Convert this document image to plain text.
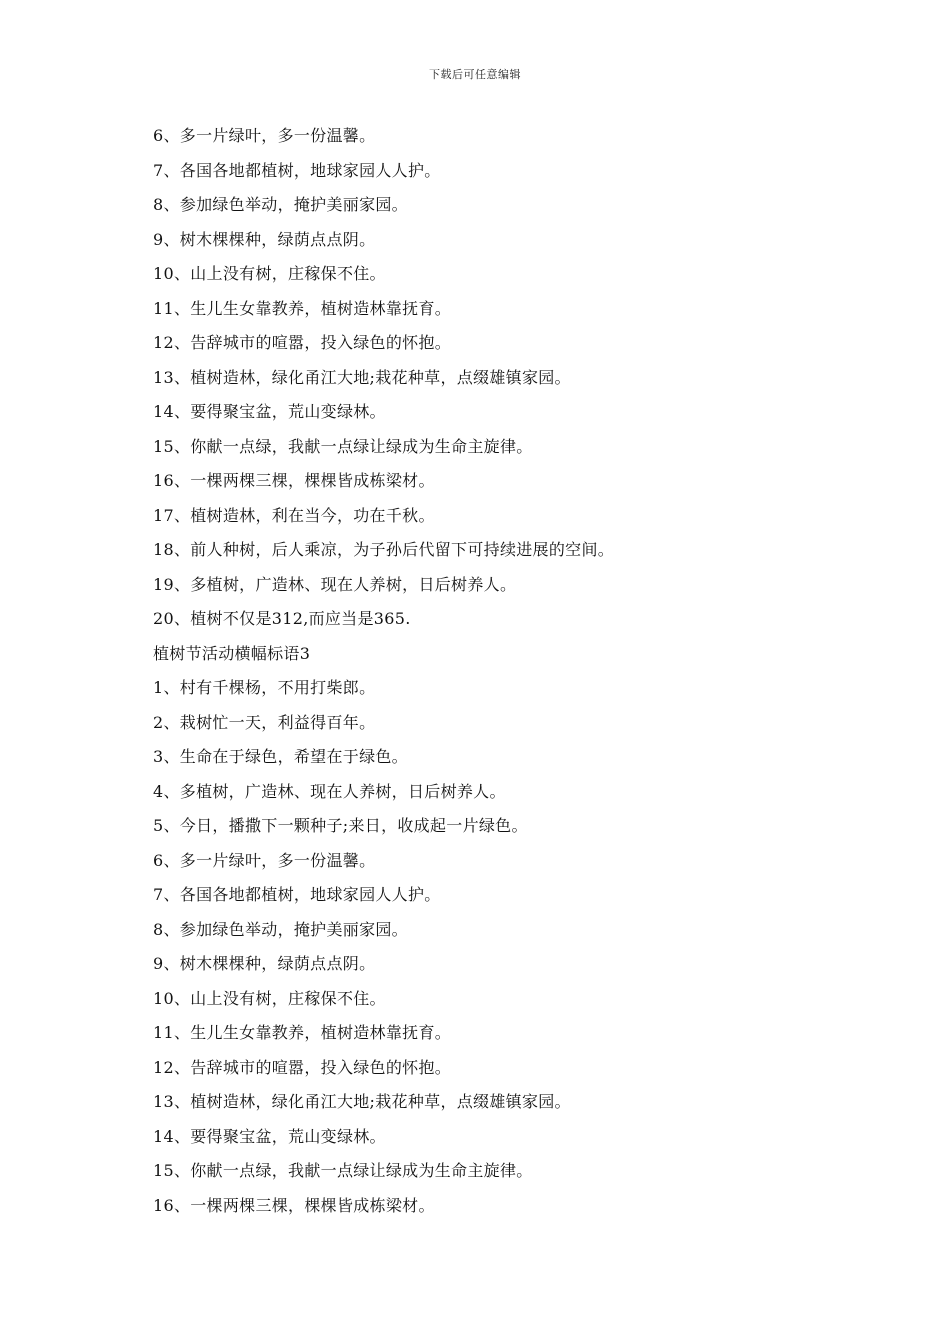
下载后可任意编辑
6、多一片绿叶，多一份温馨。
7、各国各地都植树，地球家园人人护。
8、参加绿色举动，掩护美丽家园。
9、树木棵棵种，绿荫点点阴。
10、山上没有树，庄稼保不住。
11、生儿生女靠教养，植树造林靠抚育。
12、告辞城市的喧嚣，投入绿色的怀抱。
13、植树造林，绿化甬江大地;栽花种草，点缀雄镇家园。
14、要得聚宝盆，荒山变绿林。
15、你献一点绿，我献一点绿让绿成为生命主旋律。
16、一棵两棵三棵，棵棵皆成栋梁材。
17、植树造林，利在当今，功在千秋。
18、前人种树，后人乘凉，为子孙后代留下可持续进展的空间。
19、多植树，广造林、现在人养树，日后树养人。
20、植树不仅是312,而应当是365.
植树节活动横幅标语3
1、村有千棵杨，不用打柴郎。
2、栽树忙一天，利益得百年。
3、生命在于绿色，希望在于绿色。
4、多植树，广造林、现在人养树，日后树养人。
5、今日，播撒下一颗种子;来日，收成起一片绿色。
6、多一片绿叶，多一份温馨。
7、各国各地都植树，地球家园人人护。
8、参加绿色举动，掩护美丽家园。
9、树木棵棵种，绿荫点点阴。
10、山上没有树，庄稼保不住。
11、生儿生女靠教养，植树造林靠抚育。
12、告辞城市的喧嚣，投入绿色的怀抱。
13、植树造林，绿化甬江大地;栽花种草，点缀雄镇家园。
14、要得聚宝盆，荒山变绿林。
15、你献一点绿，我献一点绿让绿成为生命主旋律。
16、一棵两棵三棵，棵棵皆成栋梁材。
